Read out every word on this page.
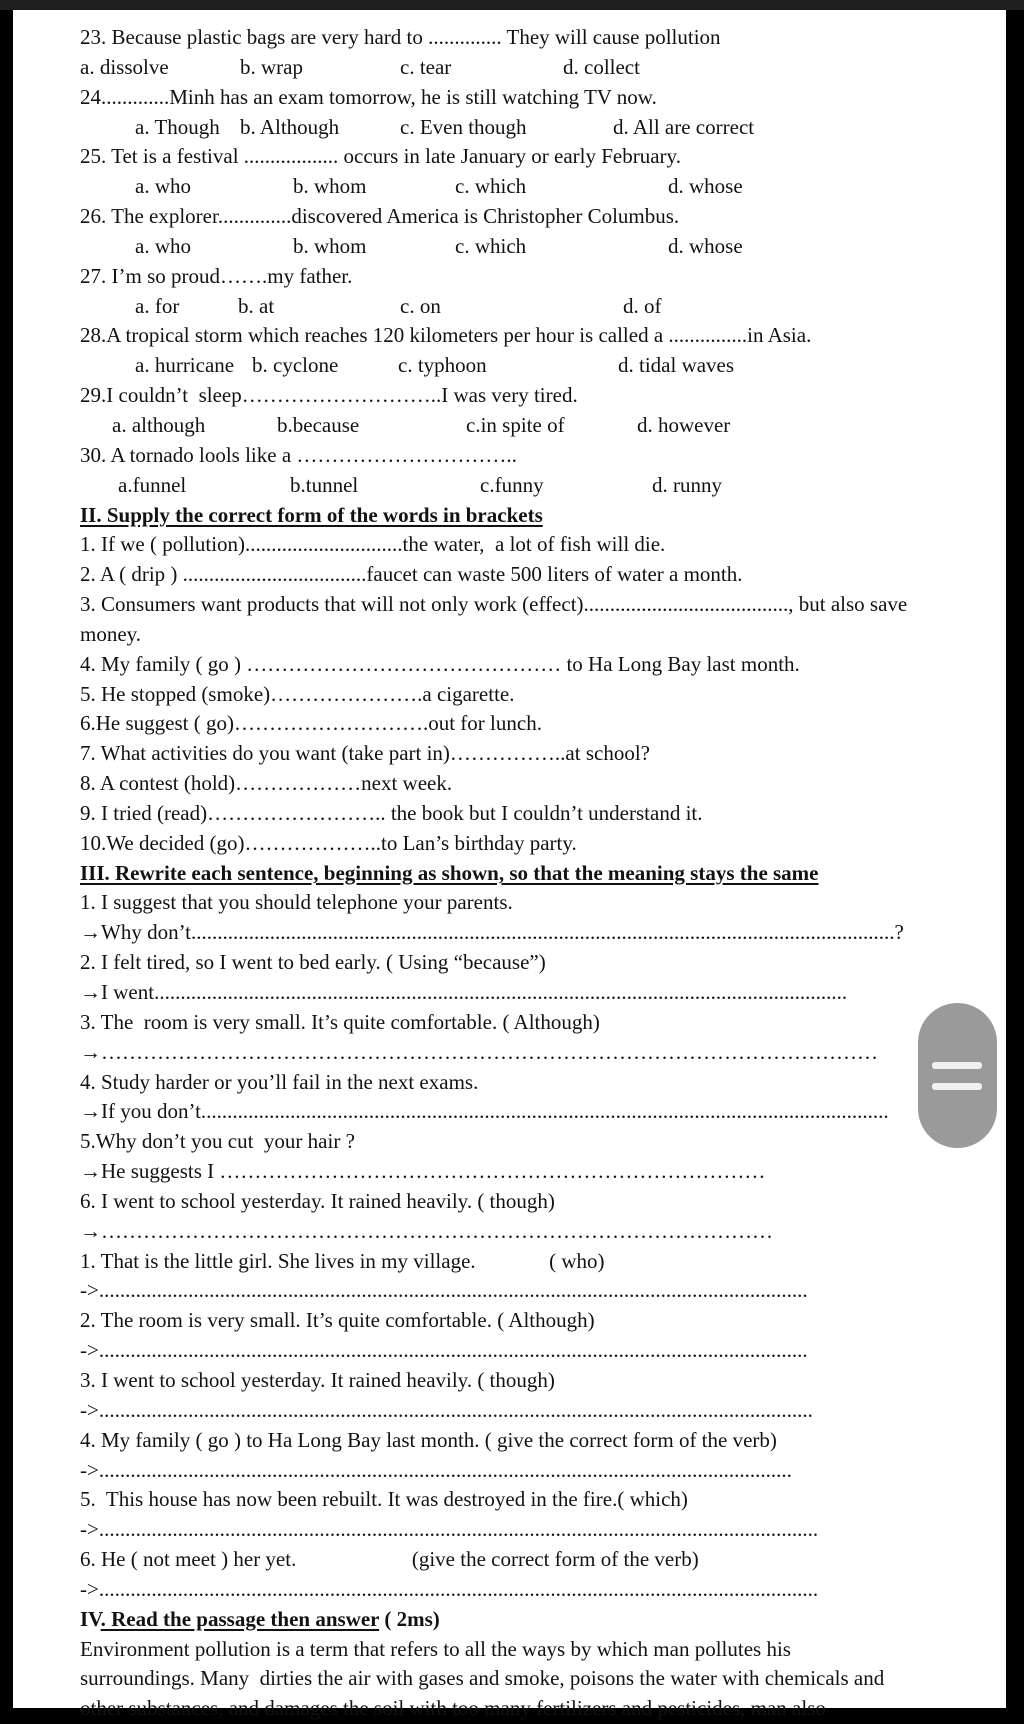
23. Because plastic bags are very hard to .............. They will cause pollution
a. dissolve	b. wrap	c. tear	d. collect
24.............Minh has an exam tomorrow, he is still watching TV now.
a. Though b. Although	c. Even though	d. All are correct
25. Tet is a festival .................. occurs in late January or early February.
a. who	b. whom	c. which	d. whose
26. The explorer..............discovered America is Christopher Columbus.
a. who	b. whom	c. which	d. whose
27. I’m so proud…….my father.
a. for	b. at	c. on	d. of
28.A tropical storm which reaches 120 kilometers per hour is called a ...............in Asia.
a. hurricane b. cyclone	c. typhoon	d. tidal waves
29.I couldn’t  sleep………………………..I was very tired.
a. although	b.because	c.in spite of	d. however
30. A tornado lools like a …………………………..
a.funnel	b.tunnel	c.funny	d. runny
II. Supply the correct form of the words in brackets
1. If we ( pollution)..............................the water,  a lot of fish will die.
2. A ( drip ) ...................................faucet can waste 500 liters of water a month.
3. Consumers want products that will not only work (effect)......................................., but also save
money.
4. My family ( go ) ……………………………………… to Ha Long Bay last month.
5. He stopped (smoke)………………….a cigarette.
6.He suggest ( go)……………………….out for lunch.
7. What activities do you want (take part in)……………..at school?
8. A contest (hold)………………next week.
9. I tried (read)…………………….. the book but I couldn’t understand it.
10.We decided (go)………………..to Lan’s birthday party.
III. Rewrite each sentence, beginning as shown, so that the meaning stays the same
1. I suggest that you should telephone your parents.
→Why don’t......................................................................................................................................?
2. I felt tired, so I went to bed early. ( Using “because”)
→I went....................................................................................................................................
3. The  room is very small. It’s quite comfortable. ( Although)
→…………………………………………………………………………………………………
4. Study harder or you’ll fail in the next exams.
→If you don’t...................................................................................................................................
5.Why don’t you cut  your hair ?
→He suggests I ……………………………………………………………………
6. I went to school yesterday. It rained heavily. ( though)
→……………………………………………………………………………………
1. That is the little girl. She lives in my village.              ( who)
->.......................................................................................................................................
2. The room is very small. It’s quite comfortable. ( Although)
->.......................................................................................................................................
3. I went to school yesterday. It rained heavily. ( though)
->........................................................................................................................................
4. My family ( go ) to Ha Long Bay last month. ( give the correct form of the verb)
->....................................................................................................................................
5.  This house has now been rebuilt. It was destroyed in the fire.( which)
->.........................................................................................................................................
6. He ( not meet ) her yet.                      (give the correct form of the verb)
->.........................................................................................................................................
IV. Read the passage then answer ( 2ms)
Environment pollution is a term that refers to all the ways by which man pollutes his
surroundings. Many  dirties the air with gases and smoke, poisons the water with chemicals and
other substances, and damages the soil with too many fertilizers and pesticides, man also
